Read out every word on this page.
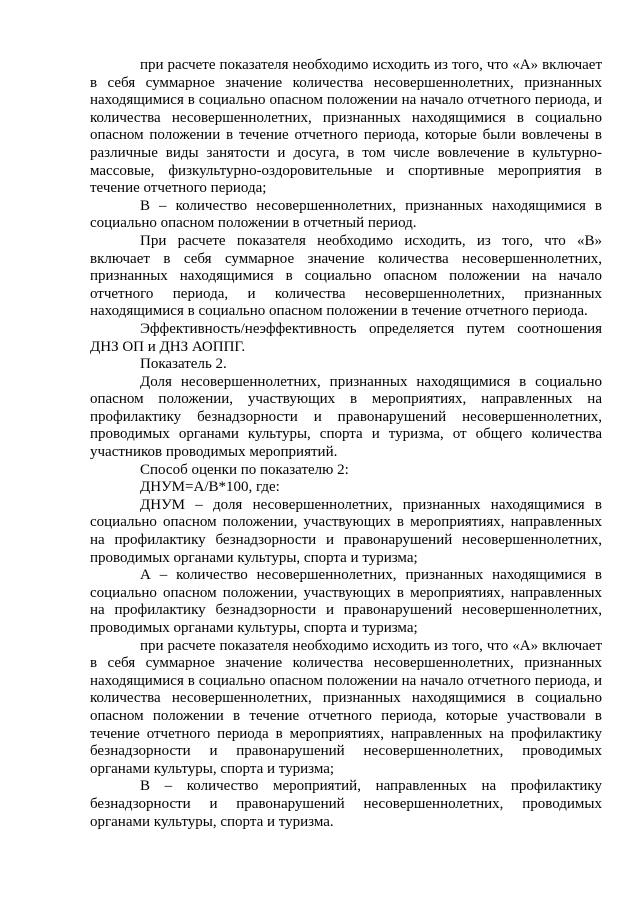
при расчете показателя необходимо исходить из того, что «А» включает в себя суммарное значение количества несовершеннолетних, признанных находящимися в социально опасном положении на начало отчетного периода, и количества несовершеннолетних, признанных находящимися в социально опасном положении в течение отчетного периода, которые были вовлечены в различные виды занятости и досуга, в том числе вовлечение в культурно-массовые, физкультурно-оздоровительные и спортивные мероприятия в течение отчетного периода;

В – количество несовершеннолетних, признанных находящимися в социально опасном положении в отчетный период.

При расчете показателя необходимо исходить, из того, что «В» включает в себя суммарное значение количества несовершеннолетних, признанных находящимися в социально опасном положении на начало отчетного периода, и количества несовершеннолетних, признанных находящимися в социально опасном положении в течение отчетного периода.

Эффективность/неэффективность определяется путем соотношения ДНЗ ОП и ДНЗ АОППГ.

Показатель 2.

Доля несовершеннолетних, признанных находящимися в социально опасном положении, участвующих в мероприятиях, направленных на профилактику безнадзорности и правонарушений несовершеннолетних, проводимых органами культуры, спорта и туризма, от общего количества участников проводимых мероприятий.

Способ оценки по показателю 2:

ДНУМ=А/В*100, где:

ДНУМ – доля несовершеннолетних, признанных находящимися в социально опасном положении, участвующих в мероприятиях, направленных на профилактику безнадзорности и правонарушений несовершеннолетних, проводимых органами культуры, спорта и туризма;

А – количество несовершеннолетних, признанных находящимися в социально опасном положении, участвующих в мероприятиях, направленных на профилактику безнадзорности и правонарушений несовершеннолетних, проводимых органами культуры, спорта и туризма;

при расчете показателя необходимо исходить из того, что «А» включает в себя суммарное значение количества несовершеннолетних, признанных находящимися в социально опасном положении на начало отчетного периода, и количества несовершеннолетних, признанных находящимися в социально опасном положении в течение отчетного периода, которые участвовали в течение отчетного периода в мероприятиях, направленных на профилактику безнадзорности и правонарушений несовершеннолетних, проводимых органами культуры, спорта и туризма;

В – количество мероприятий, направленных на профилактику безнадзорности и правонарушений несовершеннолетних, проводимых органами культуры, спорта и туризма.
